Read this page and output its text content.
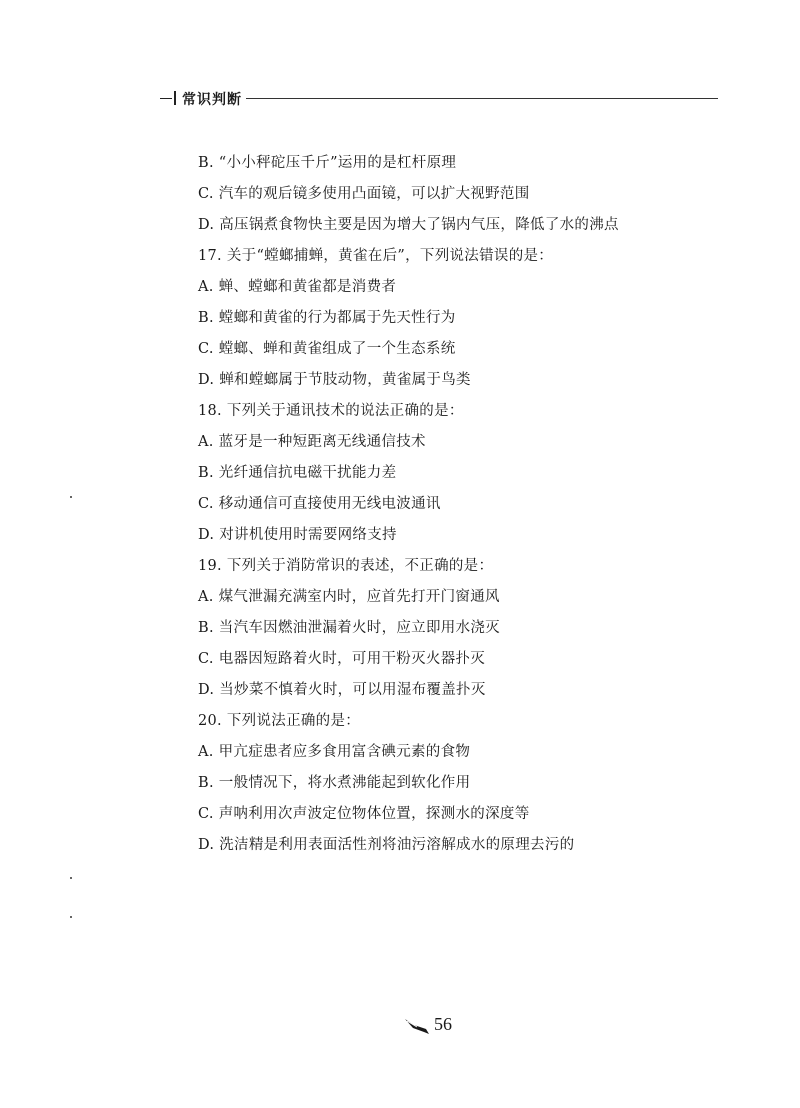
常识判断
B. “小小秤砣压千斤”运用的是杠杆原理
C. 汽车的观后镜多使用凸面镜，可以扩大视野范围
D. 高压锅煮食物快主要是因为增大了锅内气压，降低了水的沸点
17. 关于“螳螂捕蝉，黄雀在后”，下列说法错误的是：
A. 蝉、螳螂和黄雀都是消费者
B. 螳螂和黄雀的行为都属于先天性行为
C. 螳螂、蝉和黄雀组成了一个生态系统
D. 蝉和螳螂属于节肢动物，黄雀属于鸟类
18. 下列关于通讯技术的说法正确的是：
A. 蓝牙是一种短距离无线通信技术
B. 光纤通信抗电磁干扰能力差
C. 移动通信可直接使用无线电波通讯
D. 对讲机使用时需要网络支持
19. 下列关于消防常识的表述，不正确的是：
A. 煤气泄漏充满室内时，应首先打开门窗通风
B. 当汽车因燃油泄漏着火时，应立即用水浇灭
C. 电器因短路着火时，可用干粉灭火器扑灭
D. 当炒菜不慎着火时，可以用湿布覆盖扑灭
20. 下列说法正确的是：
A. 甲亢症患者应多食用富含碘元素的食物
B. 一般情况下，将水煮沸能起到软化作用
C. 声呐利用次声波定位物体位置，探测水的深度等
D. 洗洁精是利用表面活性剂将油污溶解成水的原理去污的
56
